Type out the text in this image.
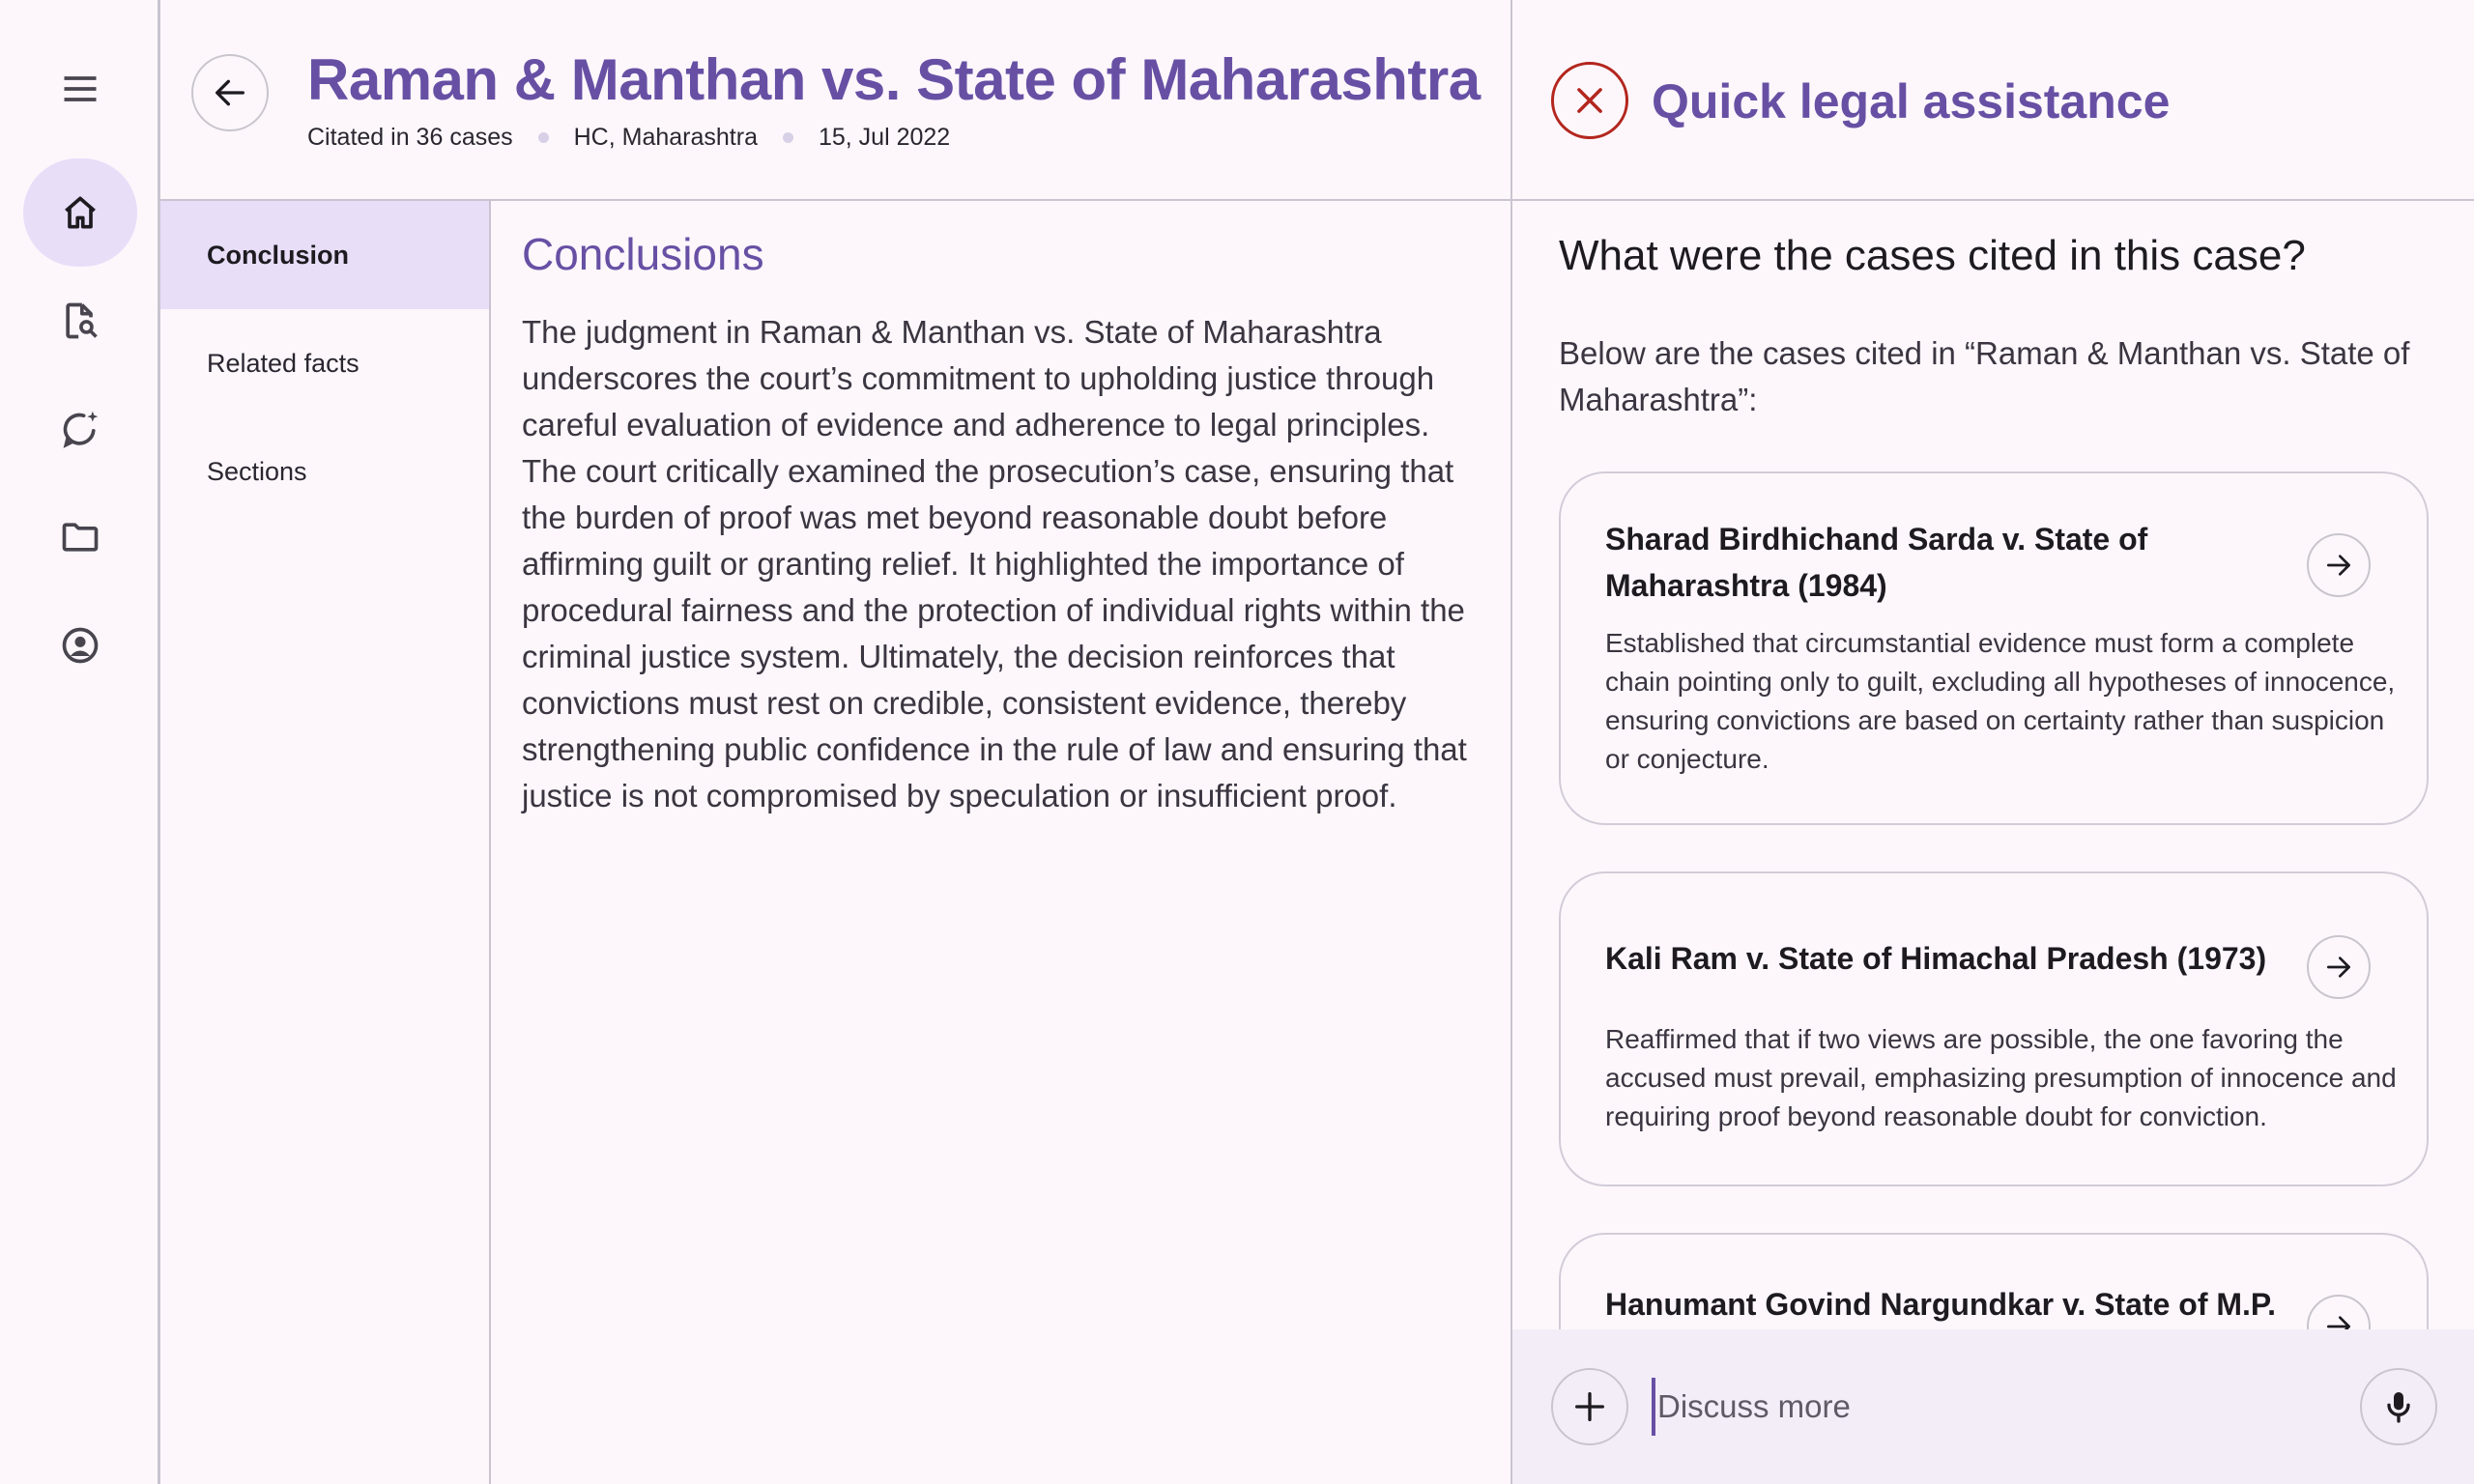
Raman & Manthan vs. State of Maharashtra
Citated in 36 cases	HC, Maharashtra	15, Jul 2022
Conclusion
Related facts
Sections
Conclusions

The judgment in Raman & Manthan vs. State of Maharashtra underscores the court’s commitment to upholding justice through careful evaluation of evidence and adherence to legal principles. The court critically examined the prosecution’s case, ensuring that the burden of proof was met beyond reasonable doubt before affirming guilt or granting relief. It highlighted the importance of procedural fairness and the protection of individual rights within the criminal justice system. Ultimately, the decision reinforces that convictions must rest on credible, consistent evidence, thereby strengthening public confidence in the rule of law and ensuring that justice is not compromised by speculation or insufficient proof.

Quick legal assistance
What were the cases cited in this case?

Below are the cases cited in “Raman & Manthan vs. State of Maharashtra”:

Sharad Birdhichand Sarda v. State of Maharashtra (1984)
Established that circumstantial evidence must form a complete chain pointing only to guilt, excluding all hypotheses of innocence, ensuring convictions are based on certainty rather than suspicion or conjecture.
Kali Ram v. State of Himachal Pradesh (1973)
Reaffirmed that if two views are possible, the one favoring the accused must prevail, emphasizing presumption of innocence and requiring proof beyond reasonable doubt for conviction.
Hanumant Govind Nargundkar v. State of M.P.
Discuss more
